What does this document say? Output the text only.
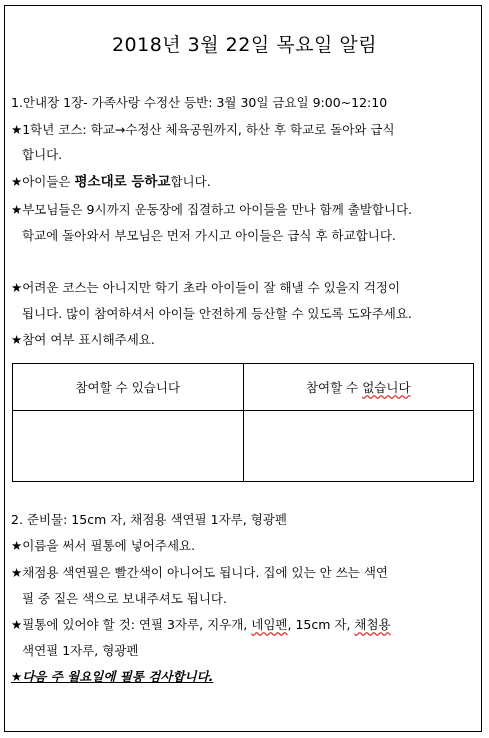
2018년 3월 22일 목요일 알림
1.안내장 1장- 가족사랑 수정산 등반: 3월 30일 금요일 9:00~12:10
★1학년 코스: 학교→수정산 체육공원까지, 하산 후 학교로 돌아와 급식
합니다.
★아이들은 평소대로 등하교합니다.
★부모님들은 9시까지 운동장에 집결하고 아이들을 만나 함께 출발합니다.
학교에 돌아와서 부모님은 먼저 가시고 아이들은 급식 후 하교합니다.
★어려운 코스는 아니지만 학기 초라 아이들이 잘 해낼 수 있을지 걱정이
됩니다. 많이 참여하셔서 아이들 안전하게 등산할 수 있도록 도와주세요.
★참여 여부 표시해주세요.
참여할 수 있습니다	참여할 수 없습니다

2. 준비물: 15cm 자, 채점용 색연필 1자루, 형광펜
★이름을 써서 필통에 넣어주세요.
★채점용 색연필은 빨간색이 아니어도 됩니다. 집에 있는 안 쓰는 색연
필 중 짙은 색으로 보내주셔도 됩니다.
★필통에 있어야 할 것: 연필 3자루, 지우개, 네임펜, 15cm 자, 채첨용
색연필 1자루, 형광펜
★다음 주 월요일에 필통 검사합니다.
